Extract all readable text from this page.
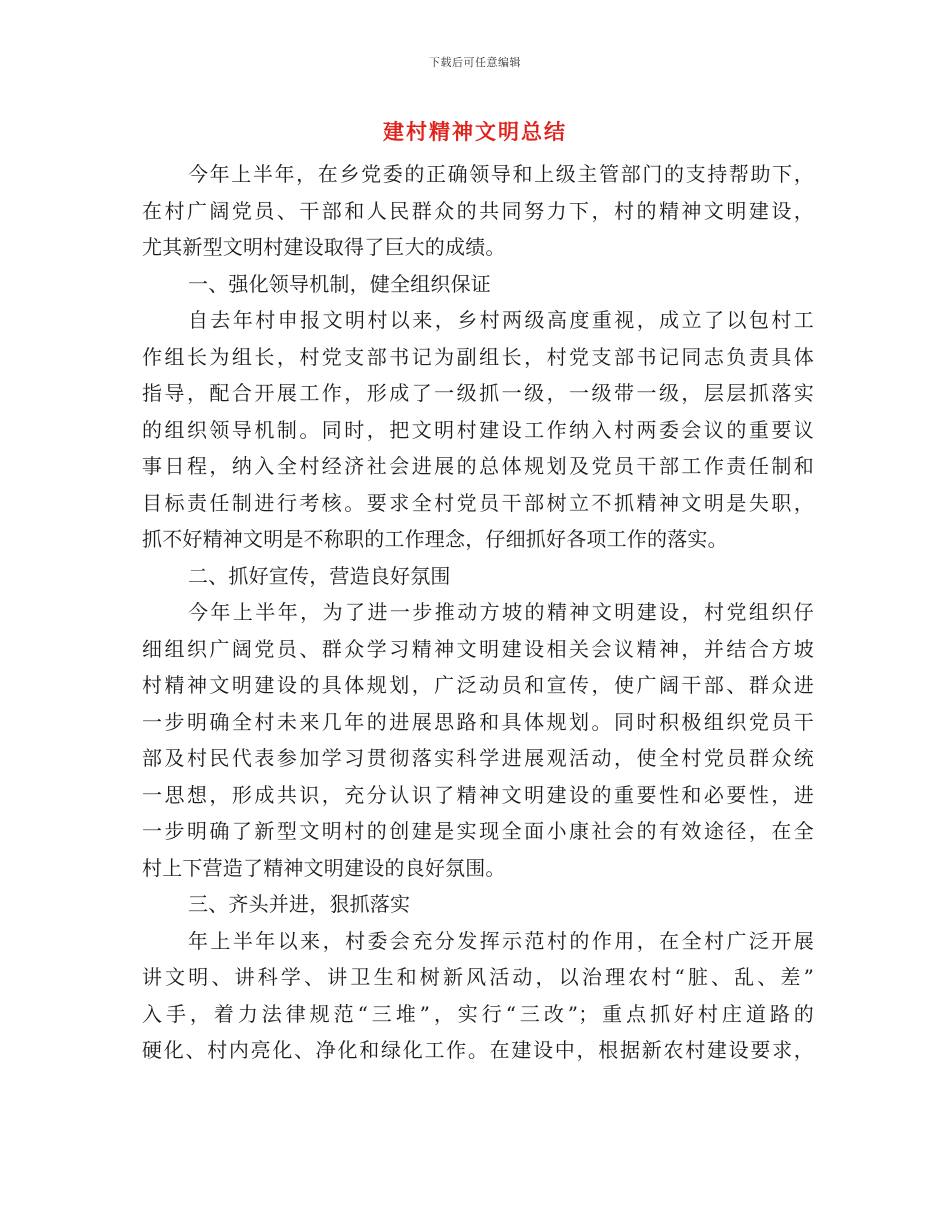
下载后可任意编辑
建村精神文明总结
今年上半年，在乡党委的正确领导和上级主管部门的支持帮助下，
在村广阔党员、干部和人民群众的共同努力下，村的精神文明建设，
尤其新型文明村建设取得了巨大的成绩。
一、强化领导机制，健全组织保证
自去年村申报文明村以来，乡村两级高度重视，成立了以包村工
作组长为组长，村党支部书记为副组长，村党支部书记同志负责具体
指导，配合开展工作，形成了一级抓一级，一级带一级，层层抓落实
的组织领导机制。同时，把文明村建设工作纳入村两委会议的重要议
事日程，纳入全村经济社会进展的总体规划及党员干部工作责任制和
目标责任制进行考核。要求全村党员干部树立不抓精神文明是失职，
抓不好精神文明是不称职的工作理念，仔细抓好各项工作的落实。
二、抓好宣传，营造良好氛围
今年上半年，为了进一步推动方坡的精神文明建设，村党组织仔
细组织广阔党员、群众学习精神文明建设相关会议精神，并结合方坡
村精神文明建设的具体规划，广泛动员和宣传，使广阔干部、群众进
一步明确全村未来几年的进展思路和具体规划。同时积极组织党员干
部及村民代表参加学习贯彻落实科学进展观活动，使全村党员群众统
一思想，形成共识，充分认识了精神文明建设的重要性和必要性，进
一步明确了新型文明村的创建是实现全面小康社会的有效途径，在全
村上下营造了精神文明建设的良好氛围。
三、齐头并进，狠抓落实
年上半年以来，村委会充分发挥示范村的作用，在全村广泛开展
讲文明、讲科学、讲卫生和树新风活动，以治理农村“脏、乱、差”
入手，着力法律规范“三堆”，实行“三改”；重点抓好村庄道路的
硬化、村内亮化、净化和绿化工作。在建设中，根据新农村建设要求，
